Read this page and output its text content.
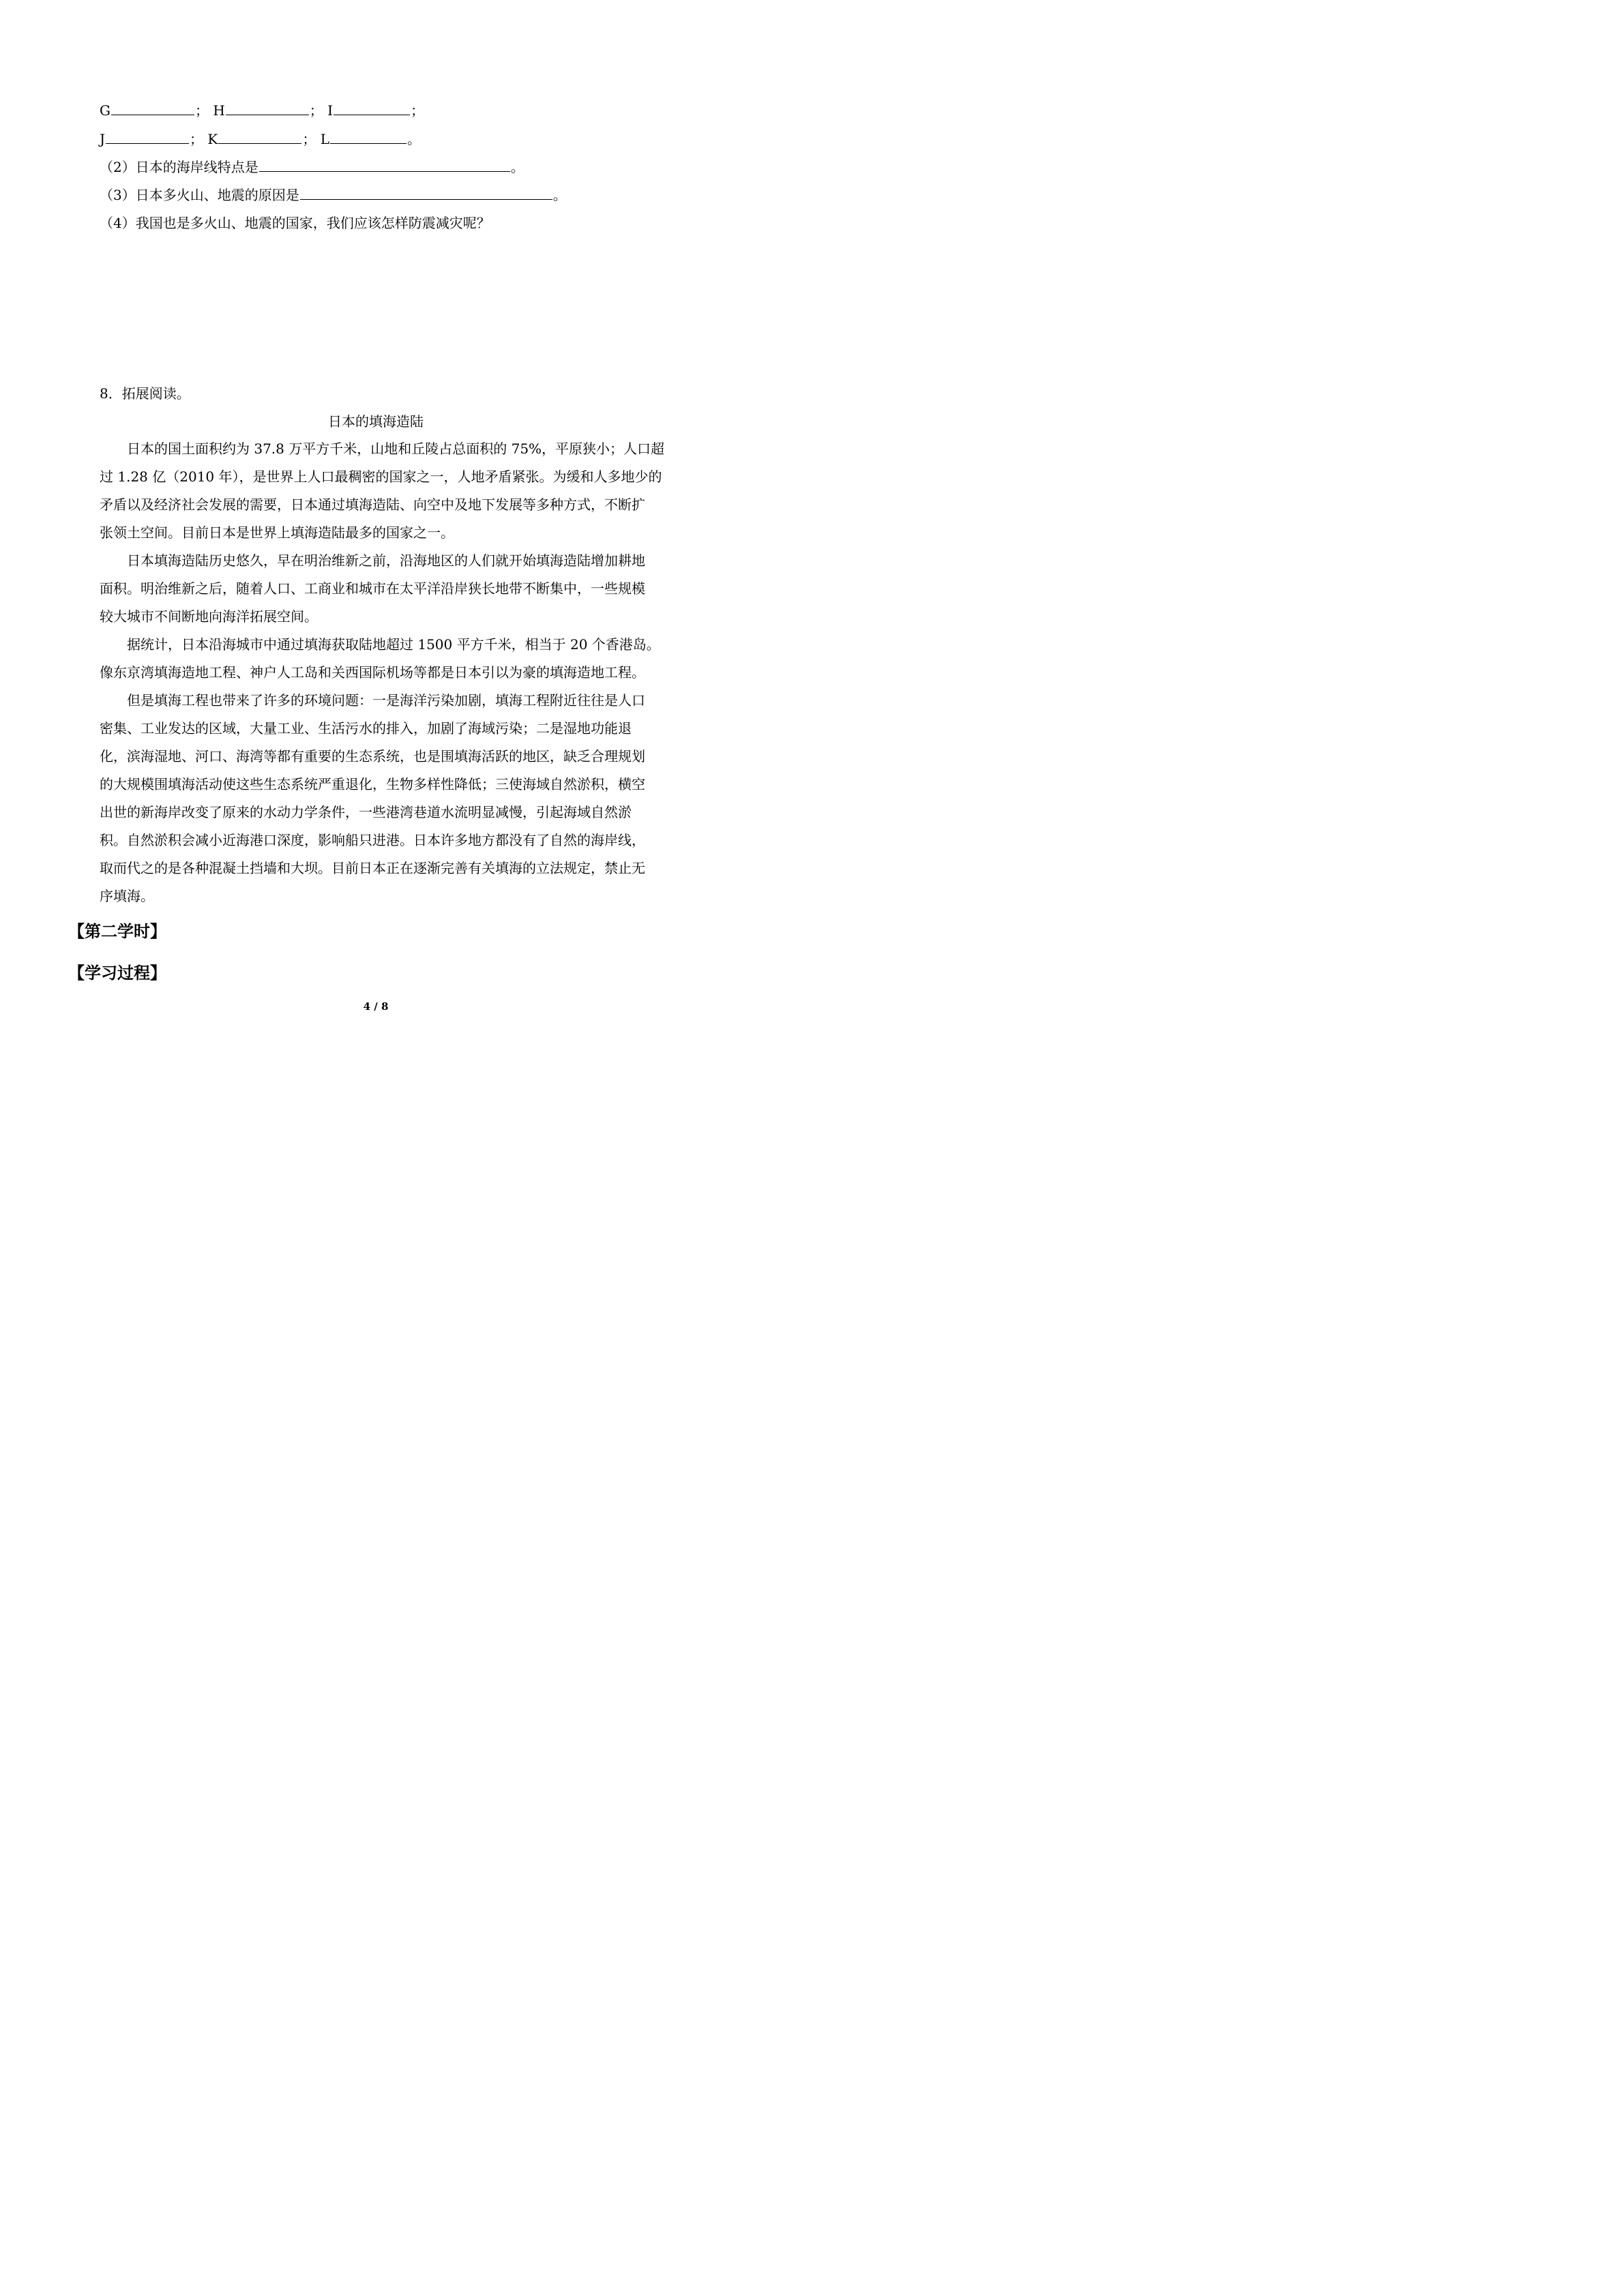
G	； H	； I	；
J	； K	； L	。
（2）日本的海岸线特点是	。
（3）日本多火山、地震的原因是	。
（4）我国也是多火山、地震的国家，我们应该怎样防震减灾呢？
8．拓展阅读。
日本的填海造陆
　　日本的国土面积约为 37.8 万平方千米，山地和丘陵占总面积的 75%，平原狭小；人口超
过 1.28 亿（2010 年），是世界上人口最稠密的国家之一，人地矛盾紧张。为缓和人多地少的
矛盾以及经济社会发展的需要，日本通过填海造陆、向空中及地下发展等多种方式，不断扩
张领土空间。目前日本是世界上填海造陆最多的国家之一。
　　日本填海造陆历史悠久，早在明治维新之前，沿海地区的人们就开始填海造陆增加耕地
面积。明治维新之后，随着人口、工商业和城市在太平洋沿岸狭长地带不断集中，一些规模
较大城市不间断地向海洋拓展空间。
　　据统计，日本沿海城市中通过填海获取陆地超过 1500 平方千米，相当于 20 个香港岛。
像东京湾填海造地工程、神户人工岛和关西国际机场等都是日本引以为豪的填海造地工程。
　　但是填海工程也带来了许多的环境问题：一是海洋污染加剧，填海工程附近往往是人口
密集、工业发达的区域，大量工业、生活污水的排入，加剧了海域污染；二是湿地功能退
化，滨海湿地、河口、海湾等都有重要的生态系统，也是围填海活跃的地区，缺乏合理规划
的大规模围填海活动使这些生态系统严重退化，生物多样性降低；三使海域自然淤积，横空
出世的新海岸改变了原来的水动力学条件，一些港湾巷道水流明显减慢，引起海域自然淤
积。自然淤积会减小近海港口深度，影响船只进港。日本许多地方都没有了自然的海岸线，
取而代之的是各种混凝土挡墙和大坝。目前日本正在逐渐完善有关填海的立法规定，禁止无
序填海。
【第二学时】
【学习过程】
4 / 8
